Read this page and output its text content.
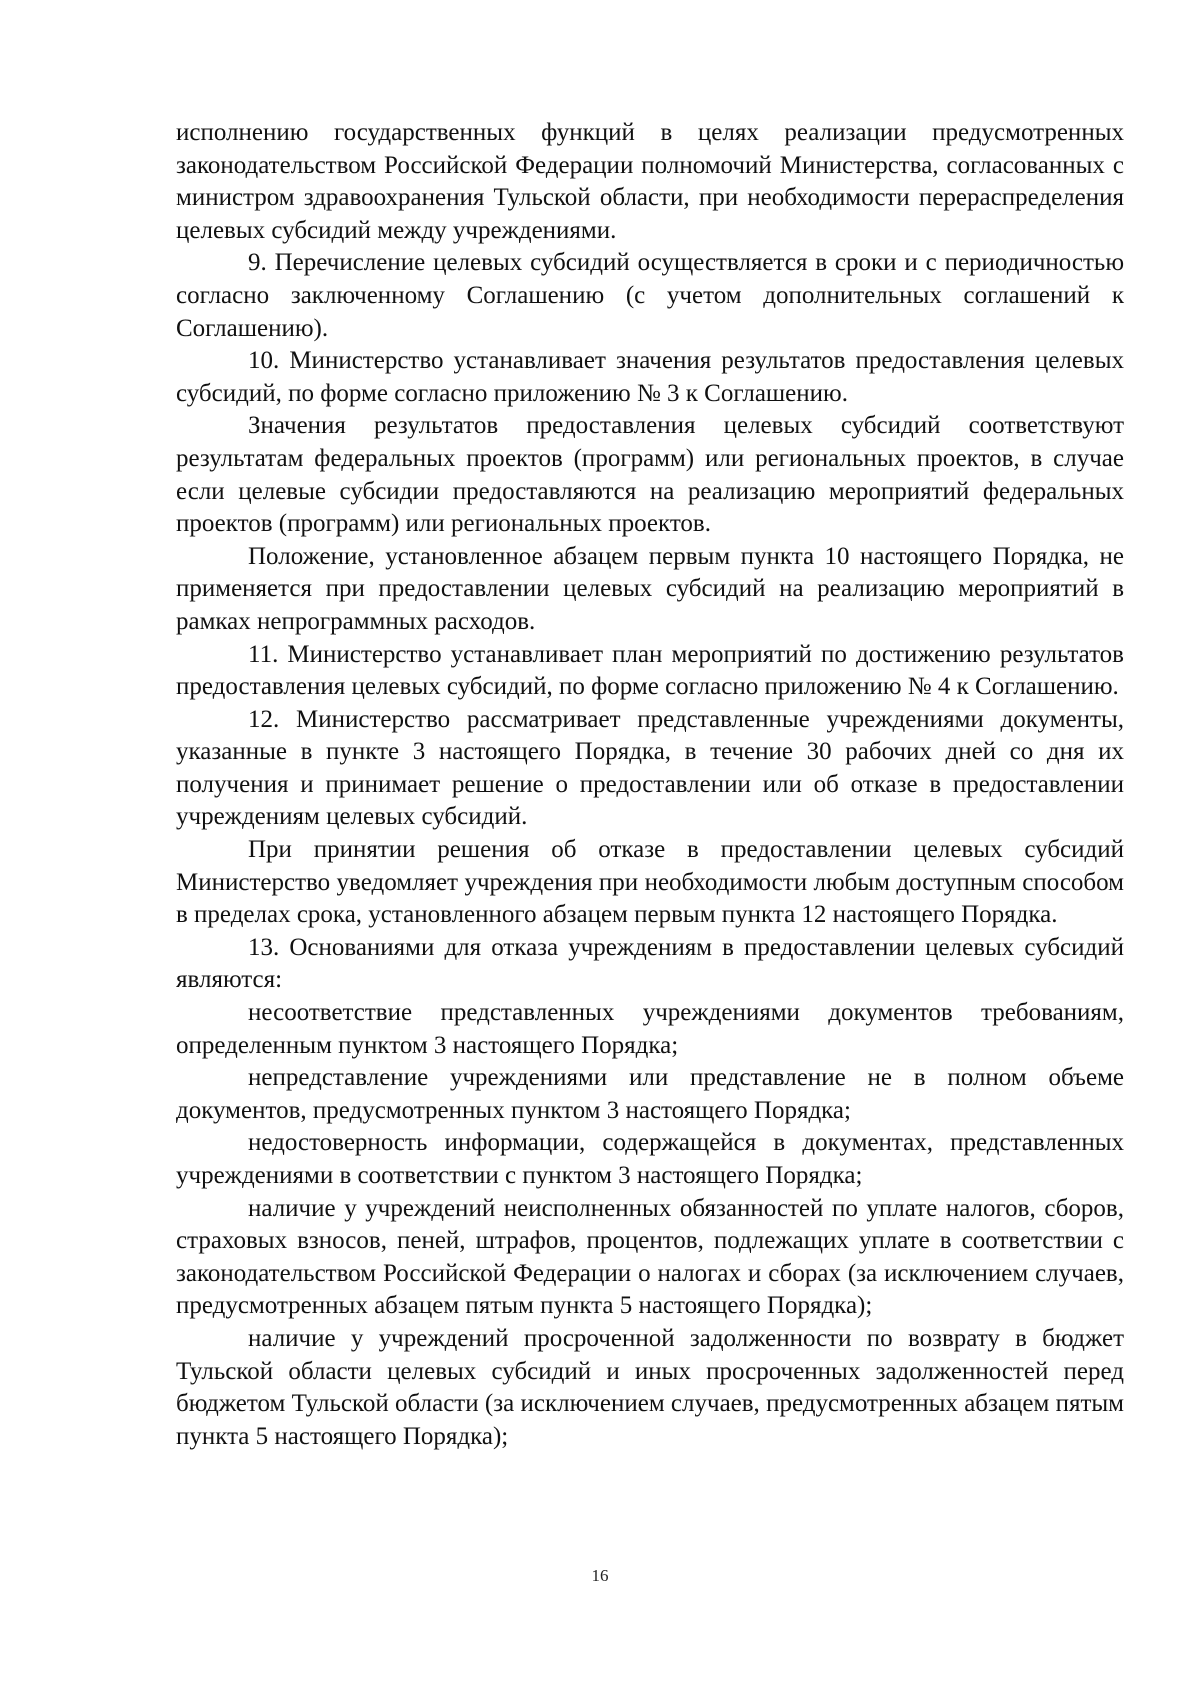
исполнению государственных функций в целях реализации предусмотренных законодательством Российской Федерации полномочий Министерства, согласованных с министром здравоохранения Тульской области, при необходимости перераспределения целевых субсидий между учреждениями.

9. Перечисление целевых субсидий осуществляется в сроки и с периодичностью согласно заключенному Соглашению (с учетом дополнительных соглашений к Соглашению).

10. Министерство устанавливает значения результатов предоставления целевых субсидий, по форме согласно приложению № 3 к Соглашению.

Значения результатов предоставления целевых субсидий соответствуют результатам федеральных проектов (программ) или региональных проектов, в случае если целевые субсидии предоставляются на реализацию мероприятий федеральных проектов (программ) или региональных проектов.

Положение, установленное абзацем первым пункта 10 настоящего Порядка, не применяется при предоставлении целевых субсидий на реализацию мероприятий в рамках непрограммных расходов.

11. Министерство устанавливает план мероприятий по достижению результатов предоставления целевых субсидий, по форме согласно приложению № 4 к Соглашению.

12. Министерство рассматривает представленные учреждениями документы, указанные в пункте 3 настоящего Порядка, в течение 30 рабочих дней со дня их получения и принимает решение о предоставлении или об отказе в предоставлении учреждениям целевых субсидий.

При принятии решения об отказе в предоставлении целевых субсидий Министерство уведомляет учреждения при необходимости любым доступным способом в пределах срока, установленного абзацем первым пункта 12 настоящего Порядка.

13. Основаниями для отказа учреждениям в предоставлении целевых субсидий являются:

несоответствие представленных учреждениями документов требованиям, определенным пунктом 3 настоящего Порядка;

непредставление учреждениями или представление не в полном объеме документов, предусмотренных пунктом 3 настоящего Порядка;

недостоверность информации, содержащейся в документах, представленных учреждениями в соответствии с пунктом 3 настоящего Порядка;

наличие у учреждений неисполненных обязанностей по уплате налогов, сборов, страховых взносов, пеней, штрафов, процентов, подлежащих уплате в соответствии с законодательством Российской Федерации о налогах и сборах (за исключением случаев, предусмотренных абзацем пятым пункта 5 настоящего Порядка);

наличие у учреждений просроченной задолженности по возврату в бюджет Тульской области целевых субсидий и иных просроченных задолженностей перед бюджетом Тульской области (за исключением случаев, предусмотренных абзацем пятым пункта 5 настоящего Порядка);

16
